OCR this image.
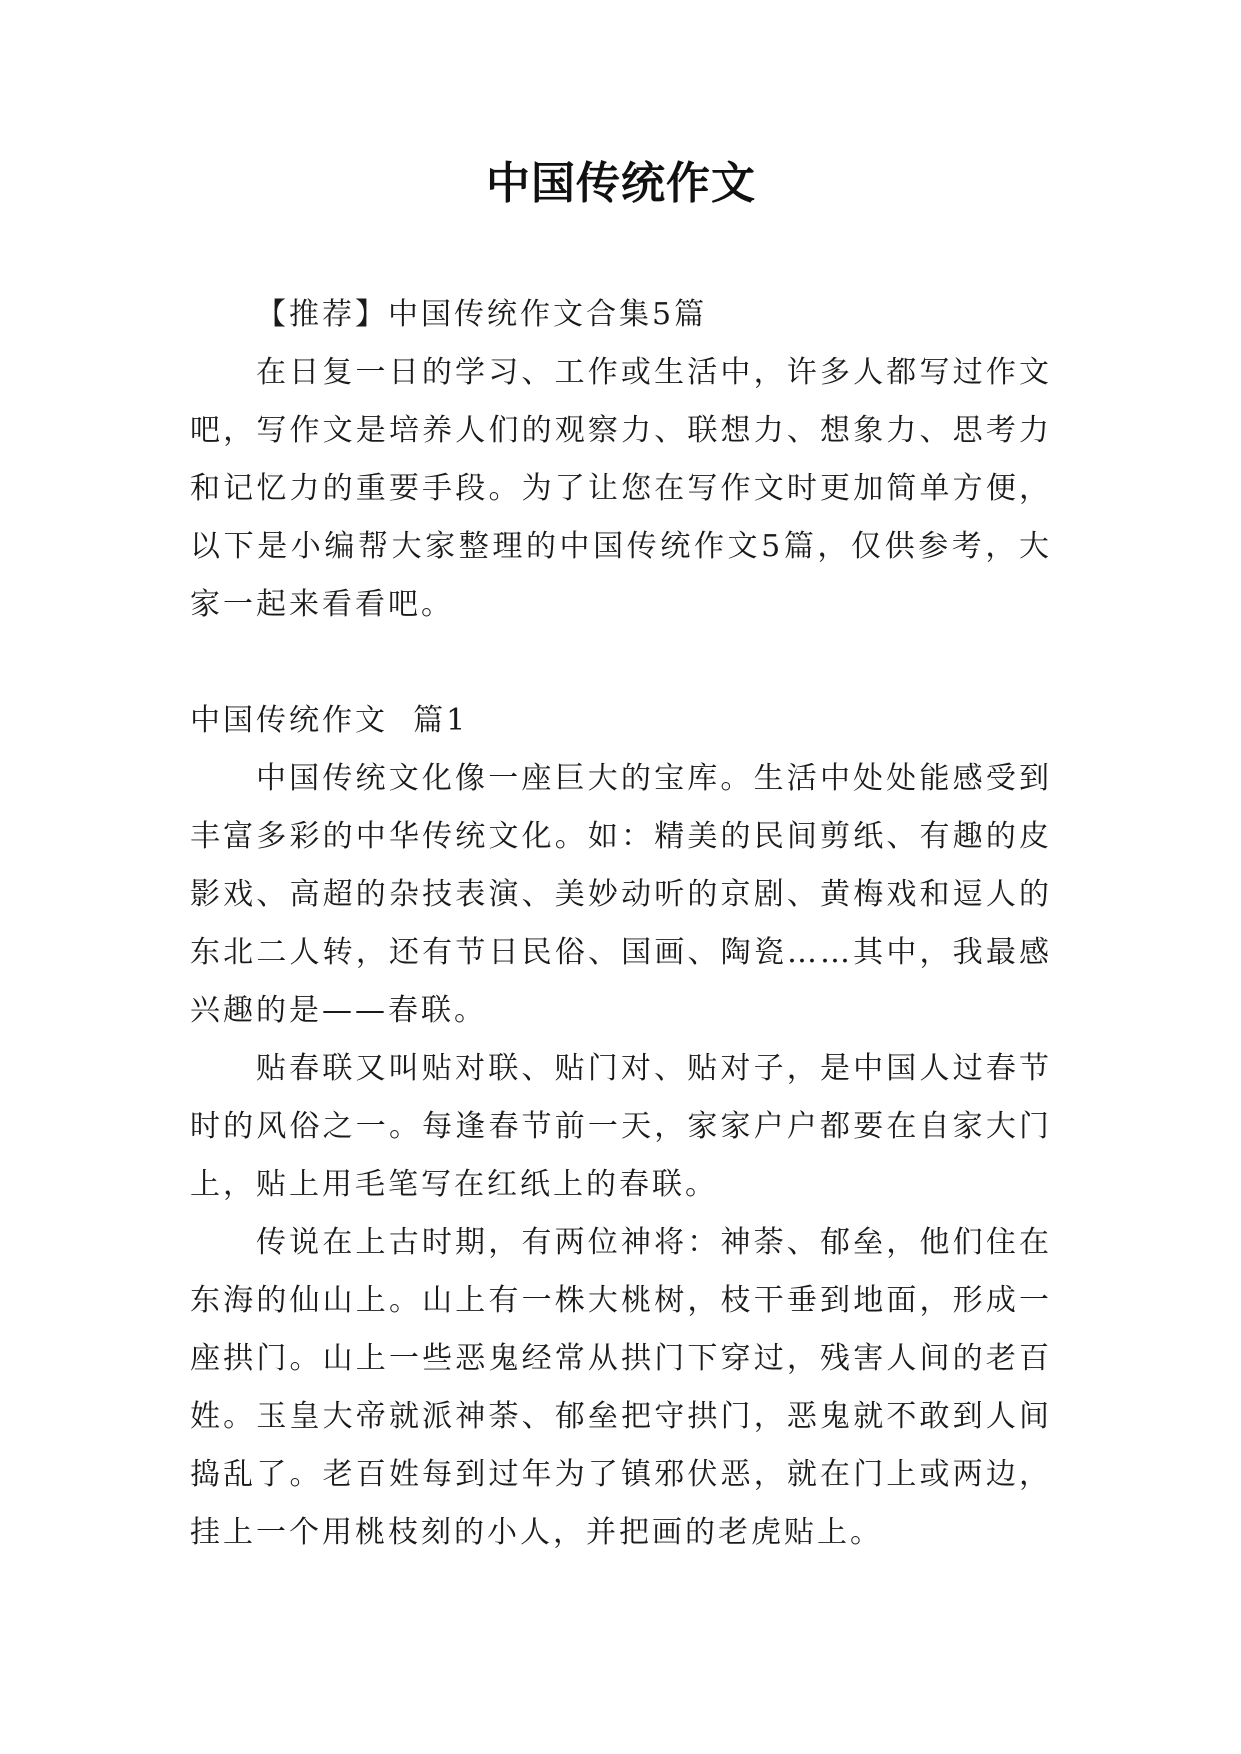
中国传统作文

【推荐】中国传统作文合集5篇

在日复一日的学习、工作或生活中，许多人都写过作文吧，写作文是培养人们的观察力、联想力、想象力、思考力和记忆力的重要手段。为了让您在写作文时更加简单方便，以下是小编帮大家整理的中国传统作文5篇，仅供参考，大家一起来看看吧。

中国传统作文  篇1

中国传统文化像一座巨大的宝库。生活中处处能感受到丰富多彩的中华传统文化。如：精美的民间剪纸、有趣的皮影戏、高超的杂技表演、美妙动听的京剧、黄梅戏和逗人的东北二人转，还有节日民俗、国画、陶瓷……其中，我最感兴趣的是——春联。

贴春联又叫贴对联、贴门对、贴对子，是中国人过春节时的风俗之一。每逢春节前一天，家家户户都要在自家大门上，贴上用毛笔写在红纸上的春联。

传说在上古时期，有两位神将：神荼、郁垒，他们住在东海的仙山上。山上有一株大桃树，枝干垂到地面，形成一座拱门。山上一些恶鬼经常从拱门下穿过，残害人间的老百姓。玉皇大帝就派神荼、郁垒把守拱门，恶鬼就不敢到人间捣乱了。老百姓每到过年为了镇邪伏恶，就在门上或两边，挂上一个用桃枝刻的小人，并把画的老虎贴上。
